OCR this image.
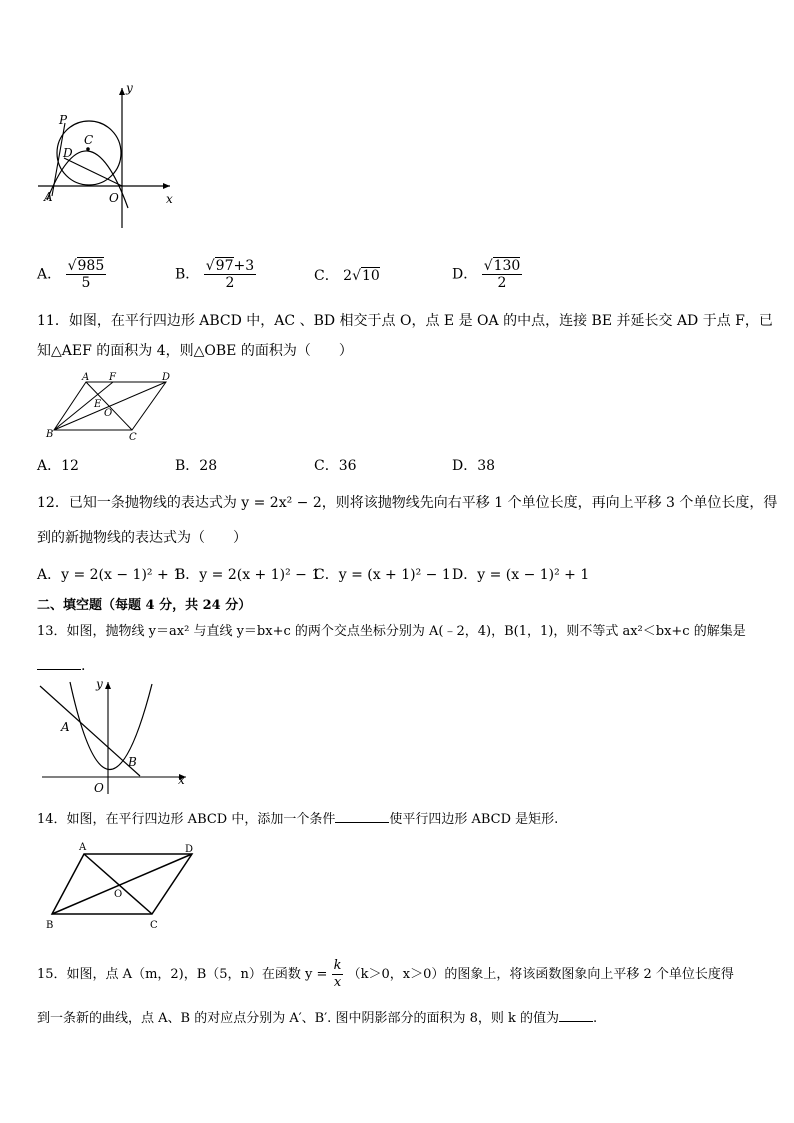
y
P
C
D
A	O	x
A． $\frac{√985}{5}$	B． $\frac{√97+3}{2}$	C． 2√10	D． $\frac{√130}{2}$
11．如图，在平行四边形 ABCD 中，AC 、BD 相交于点 O，点 E 是 OA 的中点，连接 BE 并延长交 AD 于点 F，已
知△AEF 的面积为 4，则△OBE 的面积为（　　）
A F	D
E
O
B	C
A．12	B．28	C．36	D．38
12．已知一条抛物线的表达式为 y = 2x² − 2，则将该抛物线先向右平移 1 个单位长度，再向上平移 3 个单位长度，得
到的新抛物线的表达式为（　　）
A．y = 2(x − 1)² + 1
B．y = 2(x + 1)² − 1
C．y = (x + 1)² − 1 D．y = (x − 1)² + 1
二、填空题（每题 4 分，共 24 分）
13．如图，抛物线 y＝ax² 与直线 y＝bx+c 的两个交点坐标分别为 A(﹣2，4)，B(1，1)，则不等式 ax²＜bx+c 的解集是
.
y
A
B
O
x
14．如图，在平行四边形 ABCD 中，添加一个条件	使平行四边形 ABCD 是矩形.
A	D
O
B	C
15．如图，点 A（m，2)，B（5，n）在函数 $y = \frac{k}{x} (k>0$，x＞0）的图象上，将该函数图象向上平移 2 个单位长度得
到一条新的曲线，点 A、B 的对应点分别为 A′、B′. 图中阴影部分的面积为 8，则 k 的值为	.
